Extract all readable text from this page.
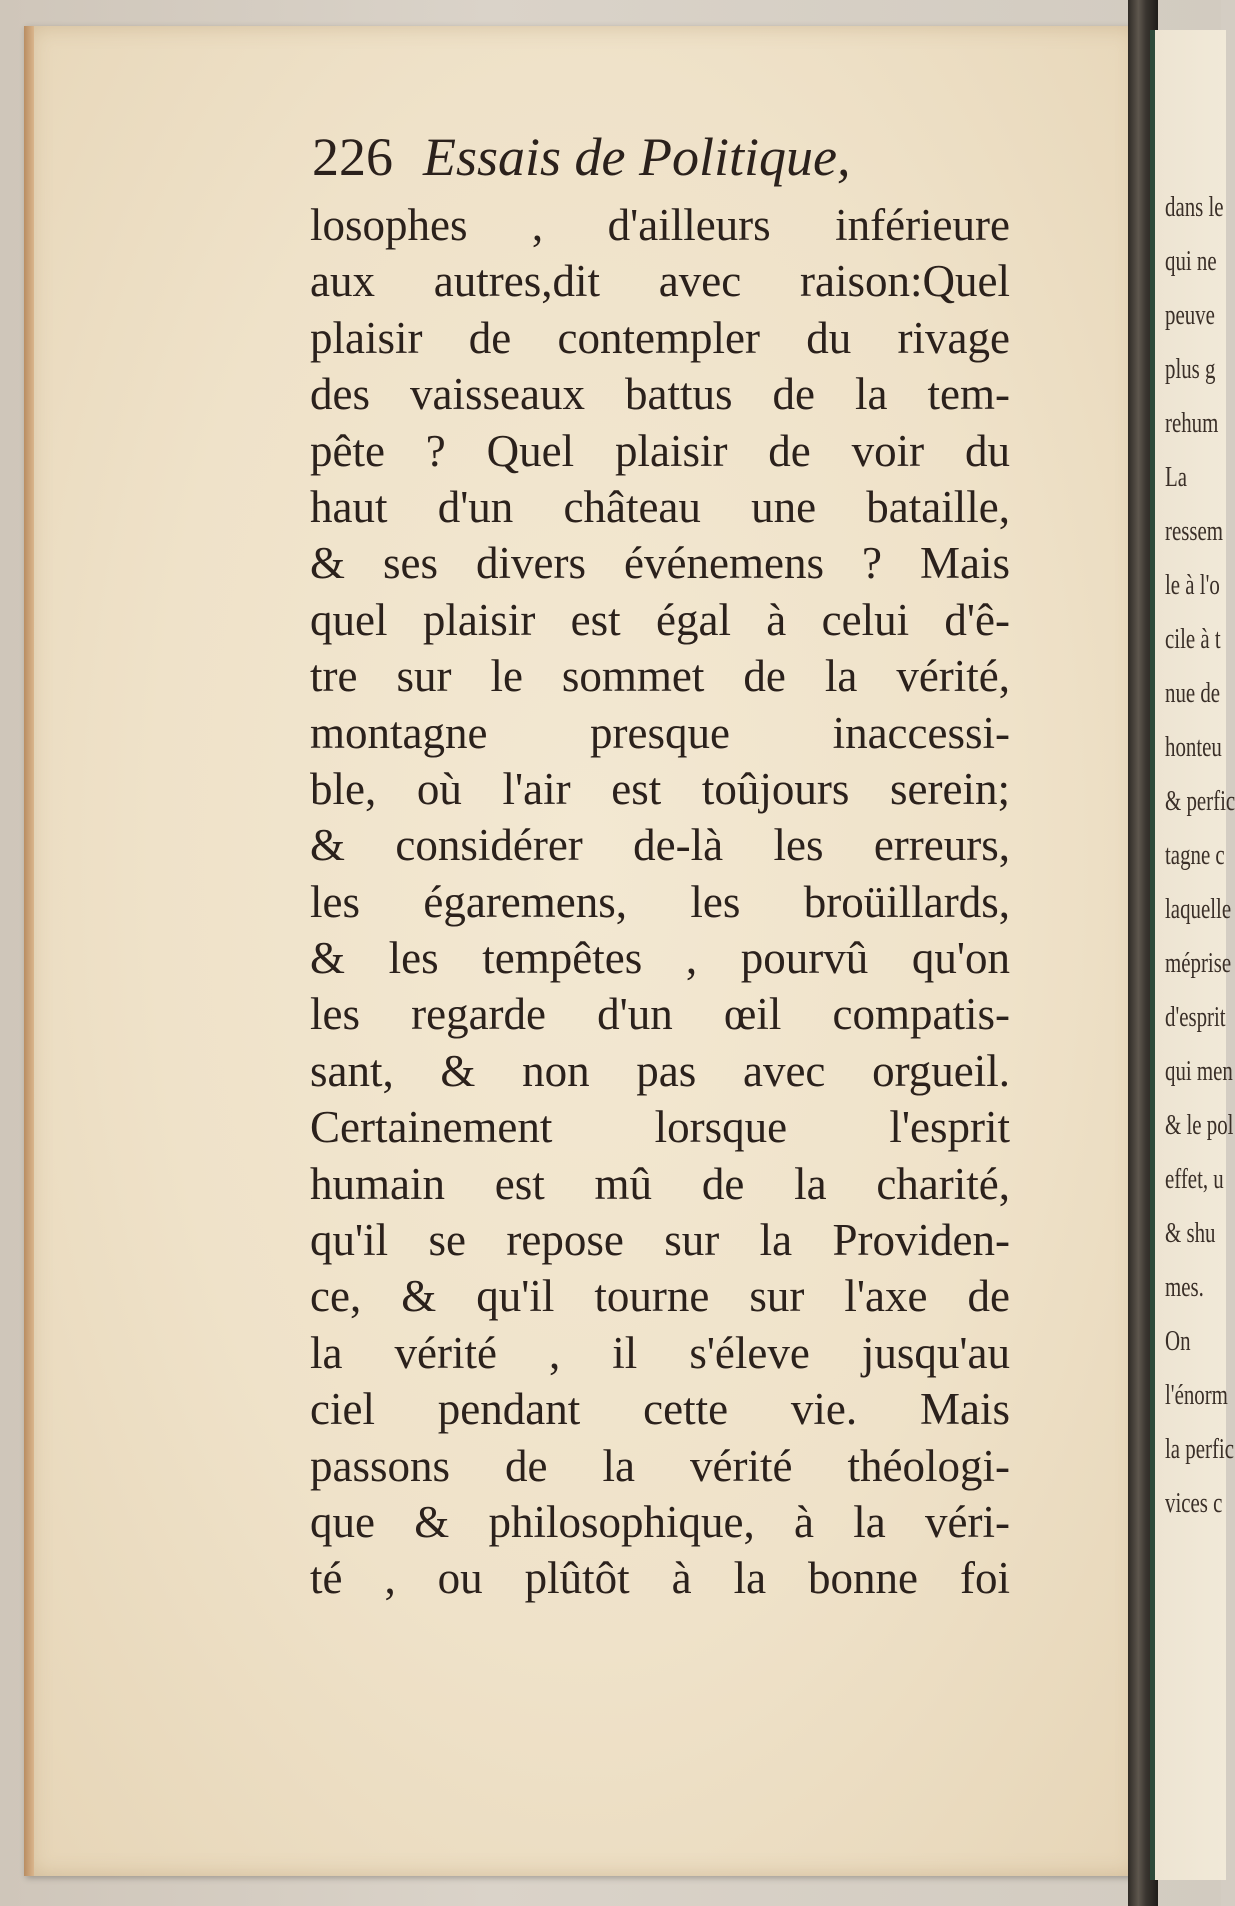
226 Essais de Politique,
losophes , d'ailleurs inférieure
aux autres,dit avec raison:Quel
plaisir de contempler du rivage
des vaisseaux battus de la tem-
pête ? Quel plaisir de voir du
haut d'un château une bataille,
& ses divers événemens ? Mais
quel plaisir est égal à celui d'ê-
tre sur le sommet de la vérité,
montagne presque inaccessi-
ble, où l'air est toûjours serein;
& considérer de-là les erreurs,
les égaremens, les broüillards,
& les tempêtes , pourvû qu'on
les regarde d'un œil compatis-
sant, & non pas avec orgueil.
Certainement lorsque l'esprit
humain est mû de la charité,
qu'il se repose sur la Providen-
ce, & qu'il tourne sur l'axe de
la vérité , il s'éleve jusqu'au
ciel pendant cette vie. Mais
passons de la vérité théologi-
que & philosophique, à la véri-
té , ou plûtôt à la bonne foi
dans le
qui ne
peuve
plus g
rehum
La
ressem
le à l'o
cile à t
nue de
honteu
& perfic
tagne c
laquelle
méprise
d'esprit
qui men
& le pol
effet, u
& shu
mes.
On
l'énorm
la perfic
vices c
